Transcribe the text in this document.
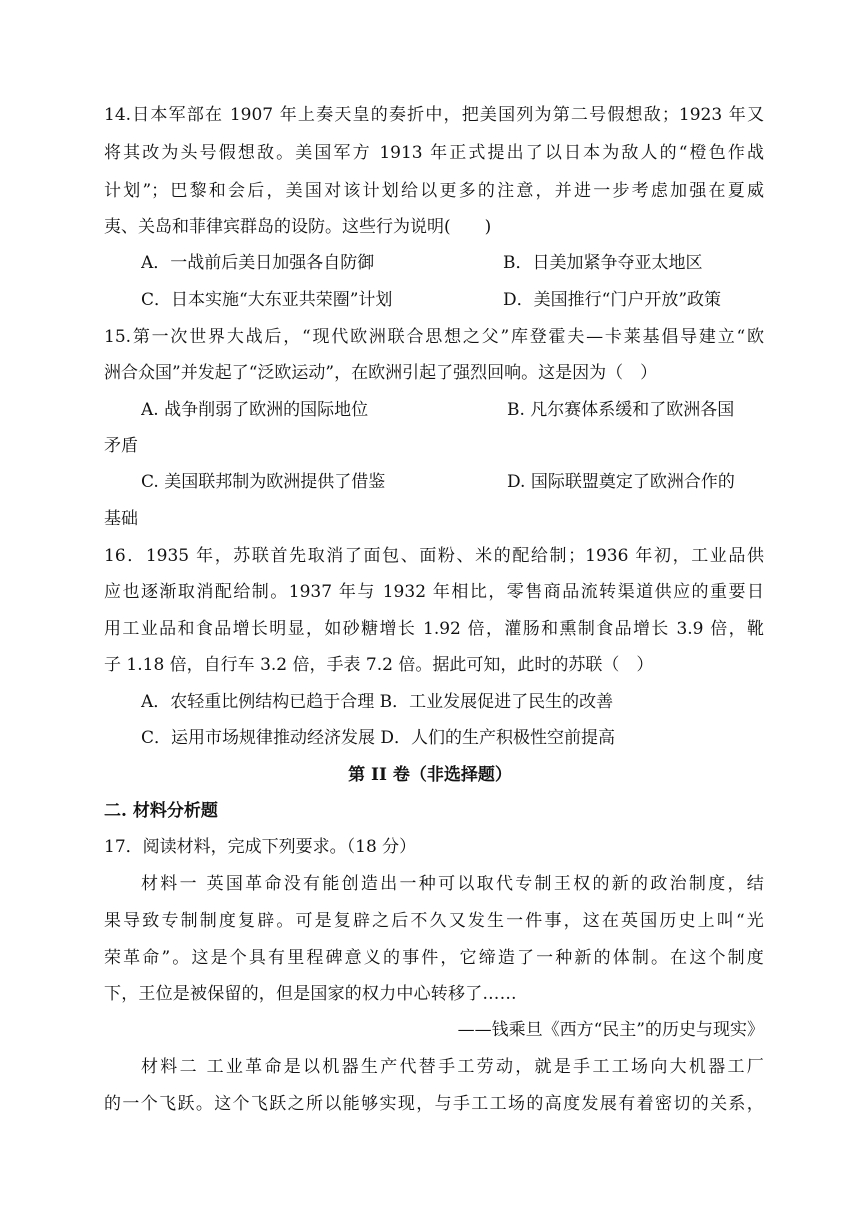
14.日本军部在 1907 年上奏天皇的奏折中，把美国列为第二号假想敌；1923 年又
将其改为头号假想敌。美国军方 1913 年正式提出了以日本为敌人的“橙色作战
计划”；巴黎和会后，美国对该计划给以更多的注意，并进一步考虑加强在夏威
夷、关岛和菲律宾群岛的设防。这些行为说明(　　)
A．一战前后美日加强各自防御	B．日美加紧争夺亚太地区
C．日本实施“大东亚共荣圈”计划	D．美国推行“门户开放”政策
15.第一次世界大战后，“现代欧洲联合思想之父”库登霍夫—卡莱基倡导建立“欧
洲合众国”并发起了“泛欧运动”，在欧洲引起了强烈回响。这是因为（　）
A. 战争削弱了欧洲的国际地位	B. 凡尔赛体系缓和了欧洲各国
矛盾
C. 美国联邦制为欧洲提供了借鉴	D. 国际联盟奠定了欧洲合作的
基础
16．1935 年，苏联首先取消了面包、面粉、米的配给制；1936 年初，工业品供
应也逐渐取消配给制。1937 年与 1932 年相比，零售商品流转渠道供应的重要日
用工业品和食品增长明显，如砂糖增长 1.92 倍，灌肠和熏制食品增长 3.9 倍，靴
子 1.18 倍，自行车 3.2 倍，手表 7.2 倍。据此可知，此时的苏联（　）
A．农轻重比例结构已趋于合理 B．工业发展促进了民生的改善
C．运用市场规律推动经济发展 D．人们的生产积极性空前提高
第 II 卷（非选择题）
二. 材料分析题
17．阅读材料，完成下列要求。（18 分）
材料一 英国革命没有能创造出一种可以取代专制王权的新的政治制度，结
果导致专制制度复辟。可是复辟之后不久又发生一件事，这在英国历史上叫“光
荣革命”。这是个具有里程碑意义的事件，它缔造了一种新的体制。在这个制度
下，王位是被保留的，但是国家的权力中心转移了……
——钱乘旦《西方“民主”的历史与现实》
材料二 工业革命是以机器生产代替手工劳动，就是手工工场向大机器工厂
的一个飞跃。这个飞跃之所以能够实现，与手工工场的高度发展有着密切的关系，
